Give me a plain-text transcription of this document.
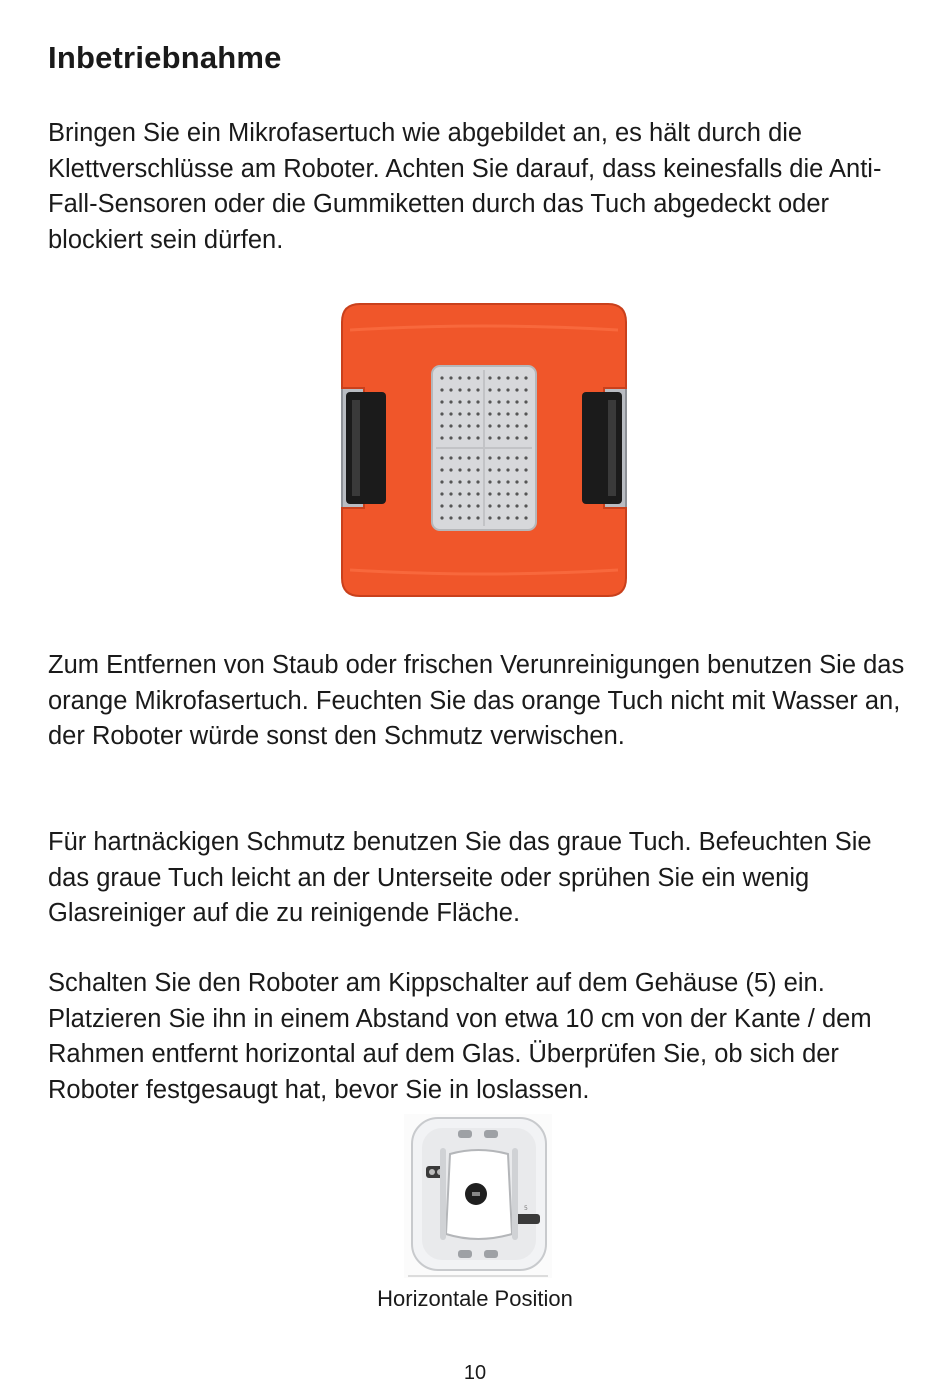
Inbetriebnahme

Bringen Sie ein Mikrofasertuch wie abgebildet an, es hält durch die Klettverschlüsse am Roboter. Achten Sie darauf, dass keinesfalls die Anti-Fall-Sensoren oder die Gummiketten durch das Tuch abgedeckt oder blockiert sein dürfen.

Zum Entfernen von Staub oder frischen Verunreinigungen benutzen Sie das orange Mikrofasertuch. Feuchten Sie das orange Tuch nicht mit Wasser an, der Roboter würde sonst den Schmutz verwischen.

Für hartnäckigen Schmutz benutzen Sie das graue Tuch. Befeuchten Sie das graue Tuch leicht an der Unterseite oder sprühen Sie ein wenig Glasreiniger auf die zu reinigende Fläche.

Schalten Sie den Roboter am Kippschalter auf dem Gehäuse (5) ein. Platzieren Sie ihn in einem Abstand von etwa 10 cm von der Kante / dem Rahmen entfernt horizontal auf dem Glas. Überprüfen Sie, ob sich der Roboter festgesaugt hat, bevor Sie in loslassen.

5
Horizontale Position
10
